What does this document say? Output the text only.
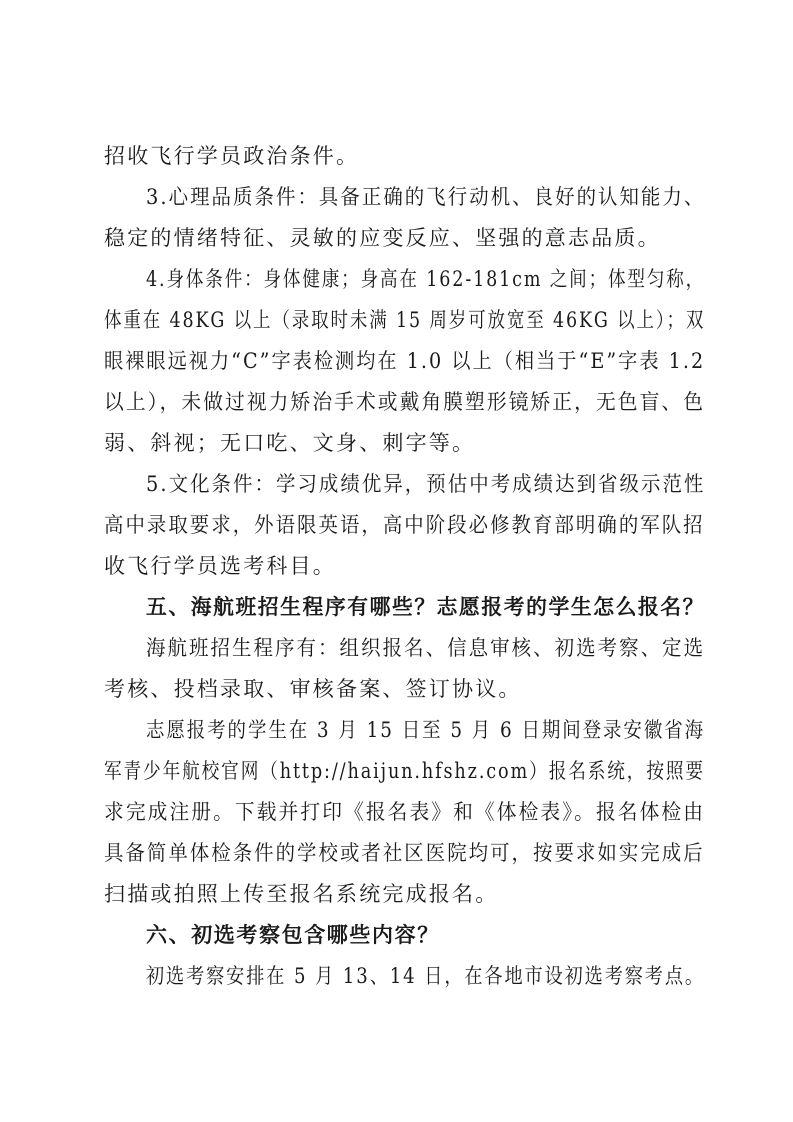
招收飞行学员政治条件。
3.心理品质条件：具备正确的飞行动机、良好的认知能力、
稳定的情绪特征、灵敏的应变反应、坚强的意志品质。
4.身体条件：身体健康；身高在 162-181cm 之间；体型匀称，
体重在 48KG 以上（录取时未满 15 周岁可放宽至 46KG 以上）；双
眼裸眼远视力“C”字表检测均在 1.0 以上（相当于“E”字表 1.2
以上），未做过视力矫治手术或戴角膜塑形镜矫正，无色盲、色
弱、斜视；无口吃、文身、刺字等。
5.文化条件：学习成绩优异，预估中考成绩达到省级示范性
高中录取要求，外语限英语，高中阶段必修教育部明确的军队招
收飞行学员选考科目。
五、海航班招生程序有哪些？志愿报考的学生怎么报名？
海航班招生程序有：组织报名、信息审核、初选考察、定选
考核、投档录取、审核备案、签订协议。
志愿报考的学生在 3 月 15 日至 5 月 6 日期间登录安徽省海
军青少年航校官网（http://haijun.hfshz.com）报名系统，按照要
求完成注册。下载并打印《报名表》和《体检表》。报名体检由
具备简单体检条件的学校或者社区医院均可，按要求如实完成后
扫描或拍照上传至报名系统完成报名。
六、初选考察包含哪些内容？
初选考察安排在 5 月 13、14 日，在各地市设初选考察考点。
